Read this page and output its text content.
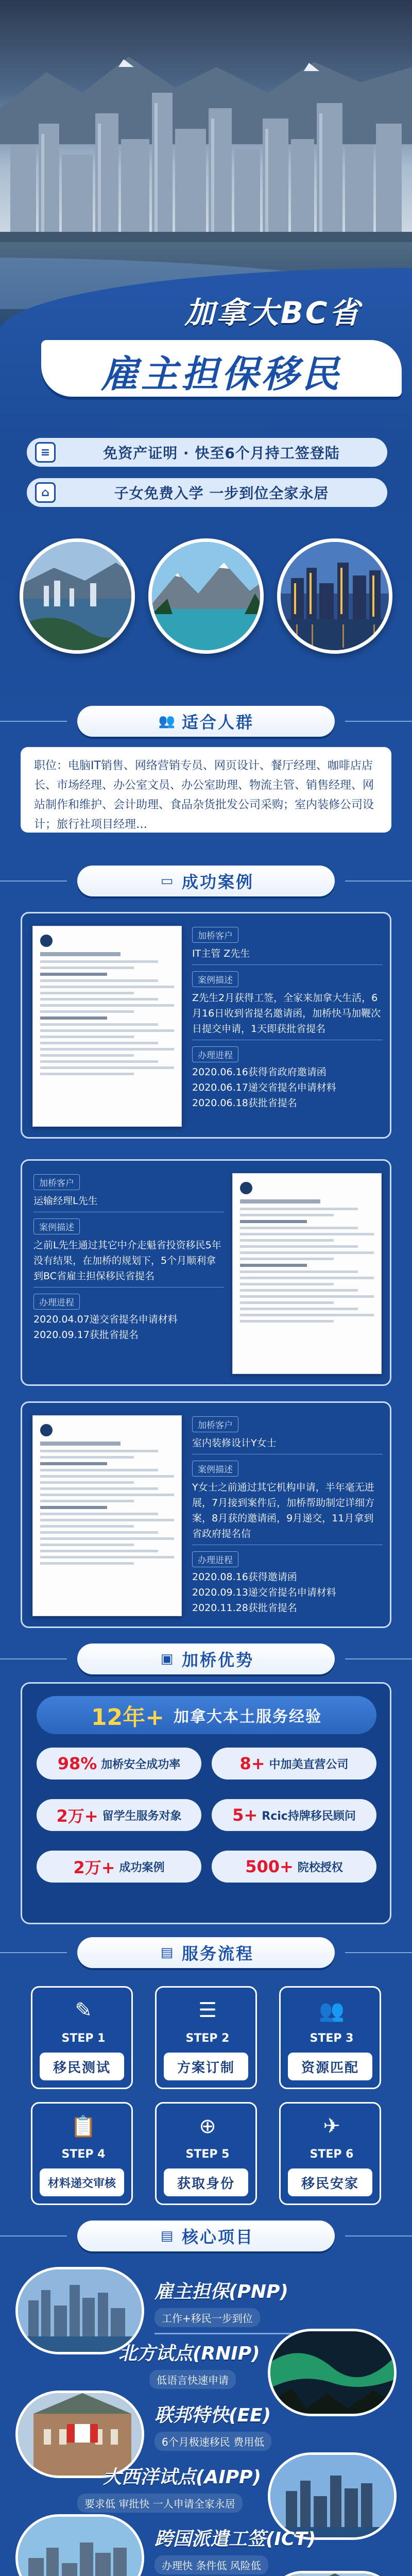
加拿大BC省
雇主担保移民
≡	免资产证明 · 快至6个月持工签登陆
⌂	子女免费入学 一步到位全家永居
👥 适合人群
职位：电脑IT销售、网络营销专员、网页设计、餐厅经理、咖啡店店长、市场经理、办公室文员、办公室助理、物流主管、销售经理、网站制作和维护、会计助理、食品杂货批发公司采购；室内装修公司设计；旅行社项目经理…
▭ 成功案例
加桥客户
IT主管 Z先生
案例描述
Z先生2月获得工签，全家来加拿大生活，6月16日收到省提名邀请函，加桥快马加鞭次日提交申请，1天即获批省提名
办理进程
2020.06.16获得省政府邀请函
2020.06.17递交省提名申请材料
2020.06.18获批省提名
加桥客户
运输经理L先生
案例描述
之前L先生通过其它中介走魁省投资移民5年没有结果，在加桥的规划下，5个月顺利拿到BC省雇主担保移民省提名
办理进程
2020.04.07递交省提名申请材料
2020.09.17获批省提名
加桥客户
室内装修设计Y女士
案例描述
Y女士之前通过其它机构申请，半年毫无进展，7月接到案件后，加桥帮助制定详细方案，8月获的邀请函，9月递交，11月拿到省政府提名信
办理进程
2020.08.16获得邀请函
2020.09.13递交省提名申请材料
2020.11.28获批省提名
▣ 加桥优势
12年+ 加拿大本土服务经验
98% 加桥安全成功率	8+ 中加美直营公司
2万+ 留学生服务对象	5+ Rcic持牌移民顾问
2万+ 成功案例	500+ 院校授权
▤ 服务流程
✎
STEP 1
移民测试
☰
STEP 2
方案订制
👥
STEP 3
资源匹配
📋
STEP 4
材料递交审核
⊕
STEP 5
获取身份
✈
STEP 6
移民安家
▤ 核心项目
雇主担保(PNP)
工作+移民一步到位
北方试点(RNIP)
低语言快速申请
联邦特快(EE)
6个月极速移民 费用低
大西洋试点(AIPP)
要求低 审批快 一人申请全家永居
跨国派遣工签(ICT)
办理快 条件低 风险低
